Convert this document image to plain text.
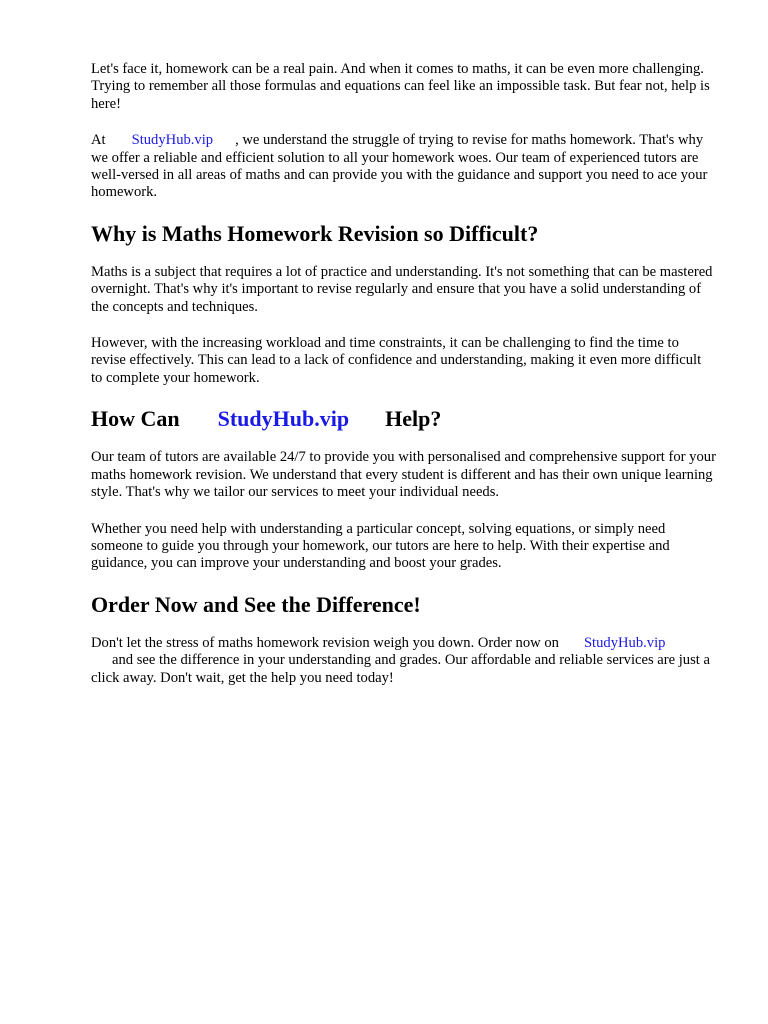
Let's face it, homework can be a real pain. And when it comes to maths, it can be even more challenging. Trying to remember all those formulas and equations can feel like an impossible task. But fear not, help is here!

At StudyHub.vip , we understand the struggle of trying to revise for maths homework. That's why we offer a reliable and efficient solution to all your homework woes. Our team of experienced tutors are well-versed in all areas of maths and can provide you with the guidance and support you need to ace your homework.

Why is Maths Homework Revision so Difficult?

Maths is a subject that requires a lot of practice and understanding. It's not something that can be mastered overnight. That's why it's important to revise regularly and ensure that you have a solid understanding of the concepts and techniques.

However, with the increasing workload and time constraints, it can be challenging to find the time to revise effectively. This can lead to a lack of confidence and understanding, making it even more difficult to complete your homework.

How Can StudyHub.vip Help?

Our team of tutors are available 24/7 to provide you with personalised and comprehensive support for your maths homework revision. We understand that every student is different and has their own unique learning style. That's why we tailor our services to meet your individual needs.

Whether you need help with understanding a particular concept, solving equations, or simply need someone to guide you through your homework, our tutors are here to help. With their expertise and guidance, you can improve your understanding and boost your grades.

Order Now and See the Difference!

Don't let the stress of maths homework revision weigh you down. Order now on StudyHub.vip
and see the difference in your understanding and grades. Our affordable and reliable services are just a click away. Don't wait, get the help you need today!
